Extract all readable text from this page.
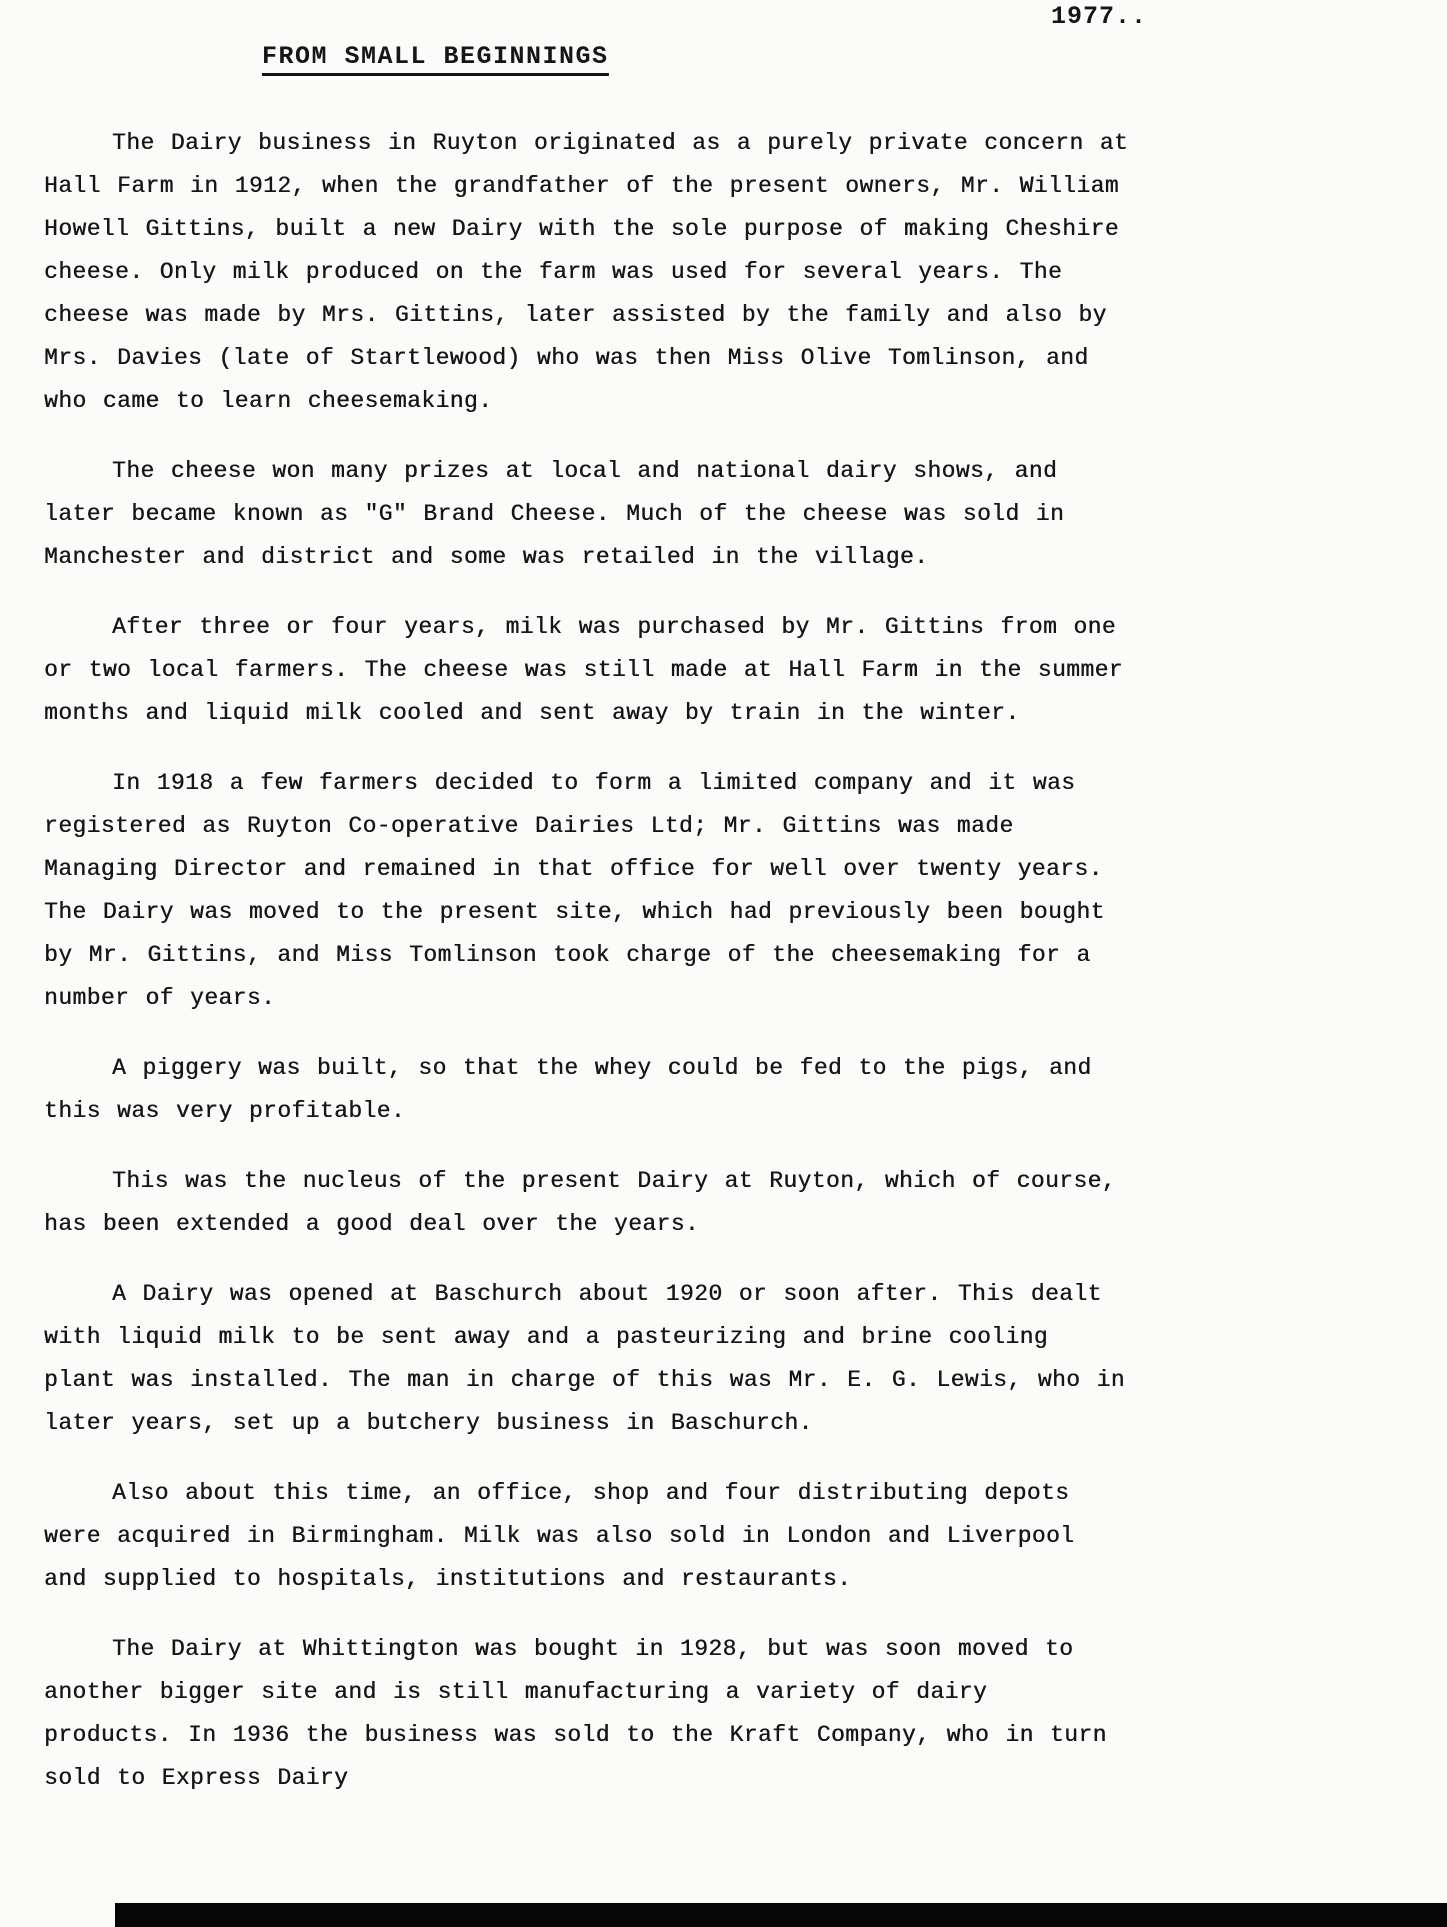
1977..
FROM SMALL BEGINNINGS

The Dairy business in Ruyton originated as a purely private concern at Hall Farm in 1912, when the grandfather of the present owners, Mr. William Howell Gittins, built a new Dairy with the sole purpose of making Cheshire cheese. Only milk produced on the farm was used for several years. The cheese was made by Mrs. Gittins, later assisted by the family and also by Mrs. Davies (late of Startlewood) who was then Miss Olive Tomlinson, and who came to learn cheesemaking.

The cheese won many prizes at local and national dairy shows, and later became known as "G" Brand Cheese. Much of the cheese was sold in Manchester and district and some was retailed in the village.

After three or four years, milk was purchased by Mr. Gittins from one or two local farmers. The cheese was still made at Hall Farm in the summer months and liquid milk cooled and sent away by train in the winter.

In 1918 a few farmers decided to form a limited company and it was registered as Ruyton Co-operative Dairies Ltd; Mr. Gittins was made Managing Director and remained in that office for well over twenty years. The Dairy was moved to the present site, which had previously been bought by Mr. Gittins, and Miss Tomlinson took charge of the cheesemaking for a number of years.

A piggery was built, so that the whey could be fed to the pigs, and this was very profitable.

This was the nucleus of the present Dairy at Ruyton, which of course, has been extended a good deal over the years.

A Dairy was opened at Baschurch about 1920 or soon after. This dealt with liquid milk to be sent away and a pasteurizing and brine cooling plant was installed. The man in charge of this was Mr. E. G. Lewis, who in later years, set up a butchery business in Baschurch.

Also about this time, an office, shop and four distributing depots were acquired in Birmingham. Milk was also sold in London and Liverpool and supplied to hospitals, institutions and restaurants.

The Dairy at Whittington was bought in 1928, but was soon moved to another bigger site and is still manufacturing a variety of dairy products. In 1936 the business was sold to the Kraft Company, who in turn sold to Express Dairy
